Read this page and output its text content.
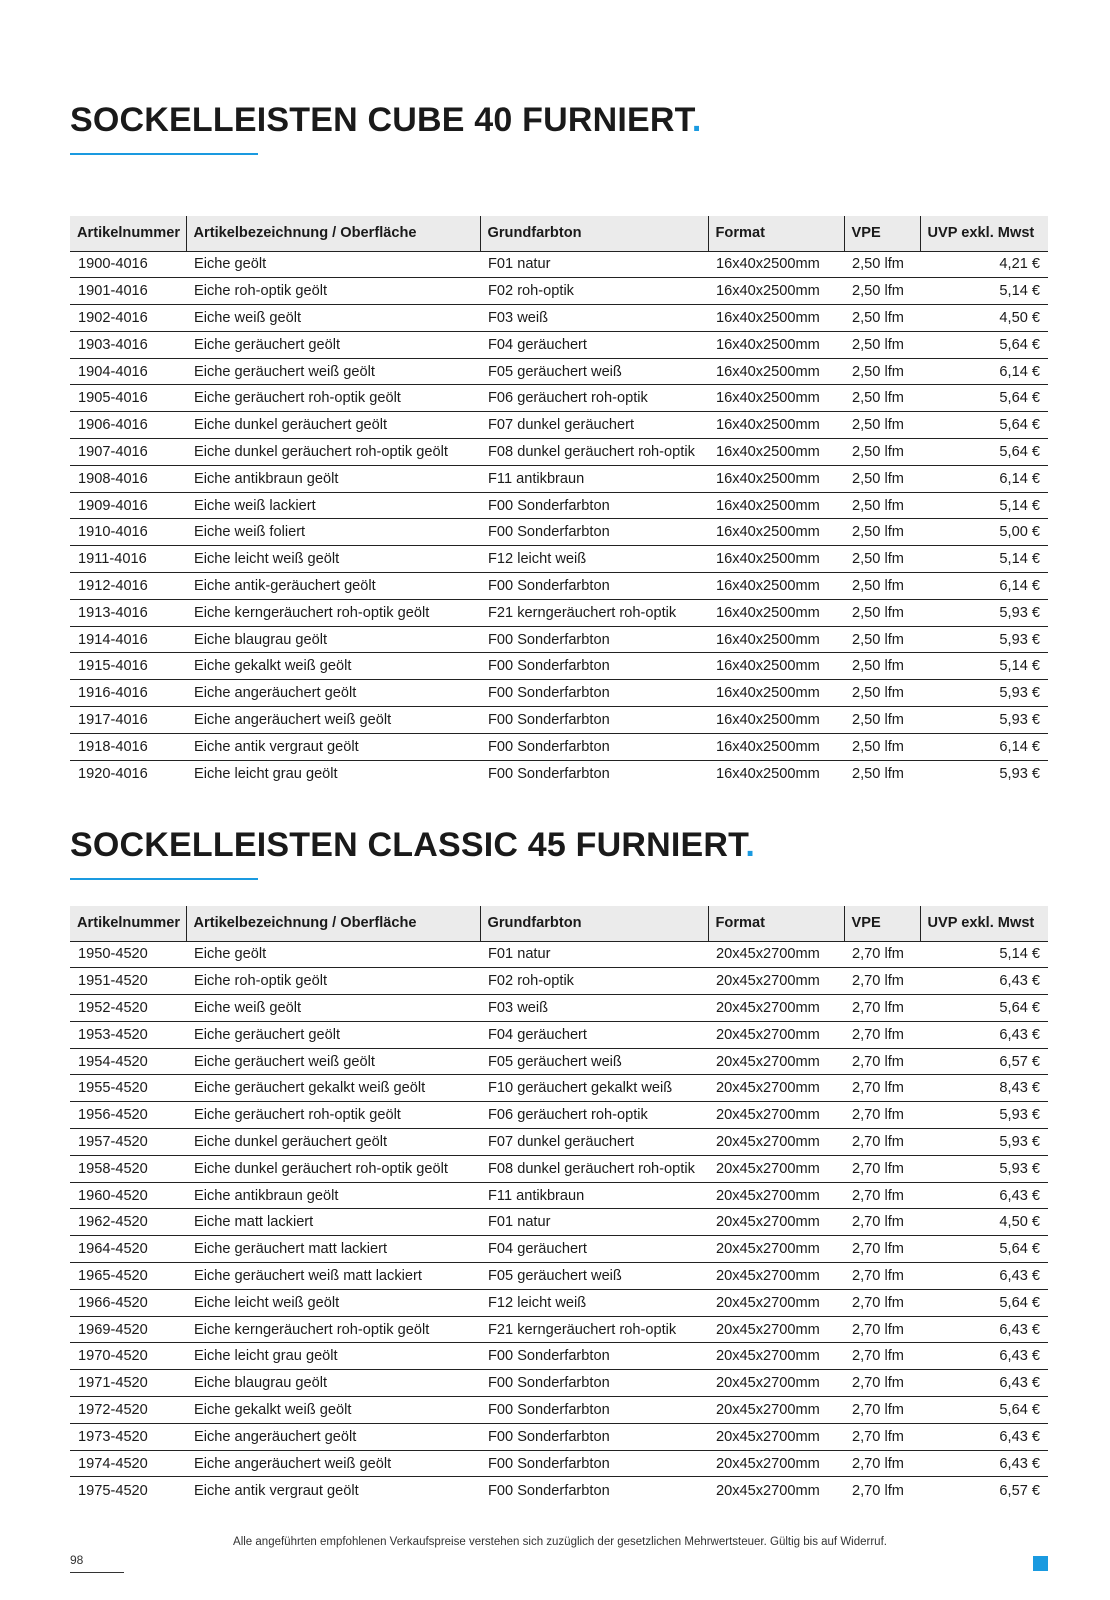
SOCKELLEISTEN CUBE 40 FURNIERT.
Artikelnummer	Artikelbezeichnung / Oberfläche	Grundfarbton	Format	VPE	UVP exkl. Mwst
1900-4016	Eiche geölt	F01 natur	16x40x2500mm	2,50 lfm	4,21 €
1901-4016	Eiche roh-optik geölt	F02 roh-optik	16x40x2500mm	2,50 lfm	5,14 €
1902-4016	Eiche weiß geölt	F03 weiß	16x40x2500mm	2,50 lfm	4,50 €
1903-4016	Eiche geräuchert geölt	F04 geräuchert	16x40x2500mm	2,50 lfm	5,64 €
1904-4016	Eiche geräuchert weiß geölt	F05 geräuchert weiß	16x40x2500mm	2,50 lfm	6,14 €
1905-4016	Eiche geräuchert roh-optik geölt	F06 geräuchert roh-optik	16x40x2500mm	2,50 lfm	5,64 €
1906-4016	Eiche dunkel geräuchert geölt	F07 dunkel geräuchert	16x40x2500mm	2,50 lfm	5,64 €
1907-4016	Eiche dunkel geräuchert roh-optik geölt	F08 dunkel geräuchert roh-optik	16x40x2500mm	2,50 lfm	5,64 €
1908-4016	Eiche antikbraun geölt	F11 antikbraun	16x40x2500mm	2,50 lfm	6,14 €
1909-4016	Eiche weiß lackiert	F00 Sonderfarbton	16x40x2500mm	2,50 lfm	5,14 €
1910-4016	Eiche weiß foliert	F00 Sonderfarbton	16x40x2500mm	2,50 lfm	5,00 €
1911-4016	Eiche leicht weiß geölt	F12 leicht weiß	16x40x2500mm	2,50 lfm	5,14 €
1912-4016	Eiche antik-geräuchert geölt	F00 Sonderfarbton	16x40x2500mm	2,50 lfm	6,14 €
1913-4016	Eiche kerngeräuchert roh-optik geölt	F21 kerngeräuchert roh-optik	16x40x2500mm	2,50 lfm	5,93 €
1914-4016	Eiche blaugrau geölt	F00 Sonderfarbton	16x40x2500mm	2,50 lfm	5,93 €
1915-4016	Eiche gekalkt weiß geölt	F00 Sonderfarbton	16x40x2500mm	2,50 lfm	5,14 €
1916-4016	Eiche angeräuchert geölt	F00 Sonderfarbton	16x40x2500mm	2,50 lfm	5,93 €
1917-4016	Eiche angeräuchert weiß geölt	F00 Sonderfarbton	16x40x2500mm	2,50 lfm	5,93 €
1918-4016	Eiche antik vergraut geölt	F00 Sonderfarbton	16x40x2500mm	2,50 lfm	6,14 €
1920-4016	Eiche leicht grau geölt	F00 Sonderfarbton	16x40x2500mm	2,50 lfm	5,93 €
SOCKELLEISTEN CLASSIC 45 FURNIERT.
Artikelnummer	Artikelbezeichnung / Oberfläche	Grundfarbton	Format	VPE	UVP exkl. Mwst
1950-4520	Eiche geölt	F01 natur	20x45x2700mm	2,70 lfm	5,14 €
1951-4520	Eiche roh-optik geölt	F02 roh-optik	20x45x2700mm	2,70 lfm	6,43 €
1952-4520	Eiche weiß geölt	F03 weiß	20x45x2700mm	2,70 lfm	5,64 €
1953-4520	Eiche geräuchert geölt	F04 geräuchert	20x45x2700mm	2,70 lfm	6,43 €
1954-4520	Eiche geräuchert weiß geölt	F05 geräuchert weiß	20x45x2700mm	2,70 lfm	6,57 €
1955-4520	Eiche geräuchert gekalkt weiß geölt	F10 geräuchert gekalkt weiß	20x45x2700mm	2,70 lfm	8,43 €
1956-4520	Eiche geräuchert roh-optik geölt	F06 geräuchert roh-optik	20x45x2700mm	2,70 lfm	5,93 €
1957-4520	Eiche dunkel geräuchert geölt	F07 dunkel geräuchert	20x45x2700mm	2,70 lfm	5,93 €
1958-4520	Eiche dunkel geräuchert roh-optik geölt	F08 dunkel geräuchert roh-optik	20x45x2700mm	2,70 lfm	5,93 €
1960-4520	Eiche antikbraun geölt	F11 antikbraun	20x45x2700mm	2,70 lfm	6,43 €
1962-4520	Eiche matt lackiert	F01 natur	20x45x2700mm	2,70 lfm	4,50 €
1964-4520	Eiche geräuchert matt lackiert	F04 geräuchert	20x45x2700mm	2,70 lfm	5,64 €
1965-4520	Eiche geräuchert weiß matt lackiert	F05 geräuchert weiß	20x45x2700mm	2,70 lfm	6,43 €
1966-4520	Eiche leicht weiß geölt	F12 leicht weiß	20x45x2700mm	2,70 lfm	5,64 €
1969-4520	Eiche kerngeräuchert roh-optik geölt	F21 kerngeräuchert roh-optik	20x45x2700mm	2,70 lfm	6,43 €
1970-4520	Eiche leicht grau geölt	F00 Sonderfarbton	20x45x2700mm	2,70 lfm	6,43 €
1971-4520	Eiche blaugrau geölt	F00 Sonderfarbton	20x45x2700mm	2,70 lfm	6,43 €
1972-4520	Eiche gekalkt weiß geölt	F00 Sonderfarbton	20x45x2700mm	2,70 lfm	5,64 €
1973-4520	Eiche angeräuchert geölt	F00 Sonderfarbton	20x45x2700mm	2,70 lfm	6,43 €
1974-4520	Eiche angeräuchert weiß geölt	F00 Sonderfarbton	20x45x2700mm	2,70 lfm	6,43 €
1975-4520	Eiche antik vergraut geölt	F00 Sonderfarbton	20x45x2700mm	2,70 lfm	6,57 €
Alle angeführten empfohlenen Verkaufspreise verstehen sich zuzüglich der gesetzlichen Mehrwertsteuer. Gültig bis auf Widerruf.
98
